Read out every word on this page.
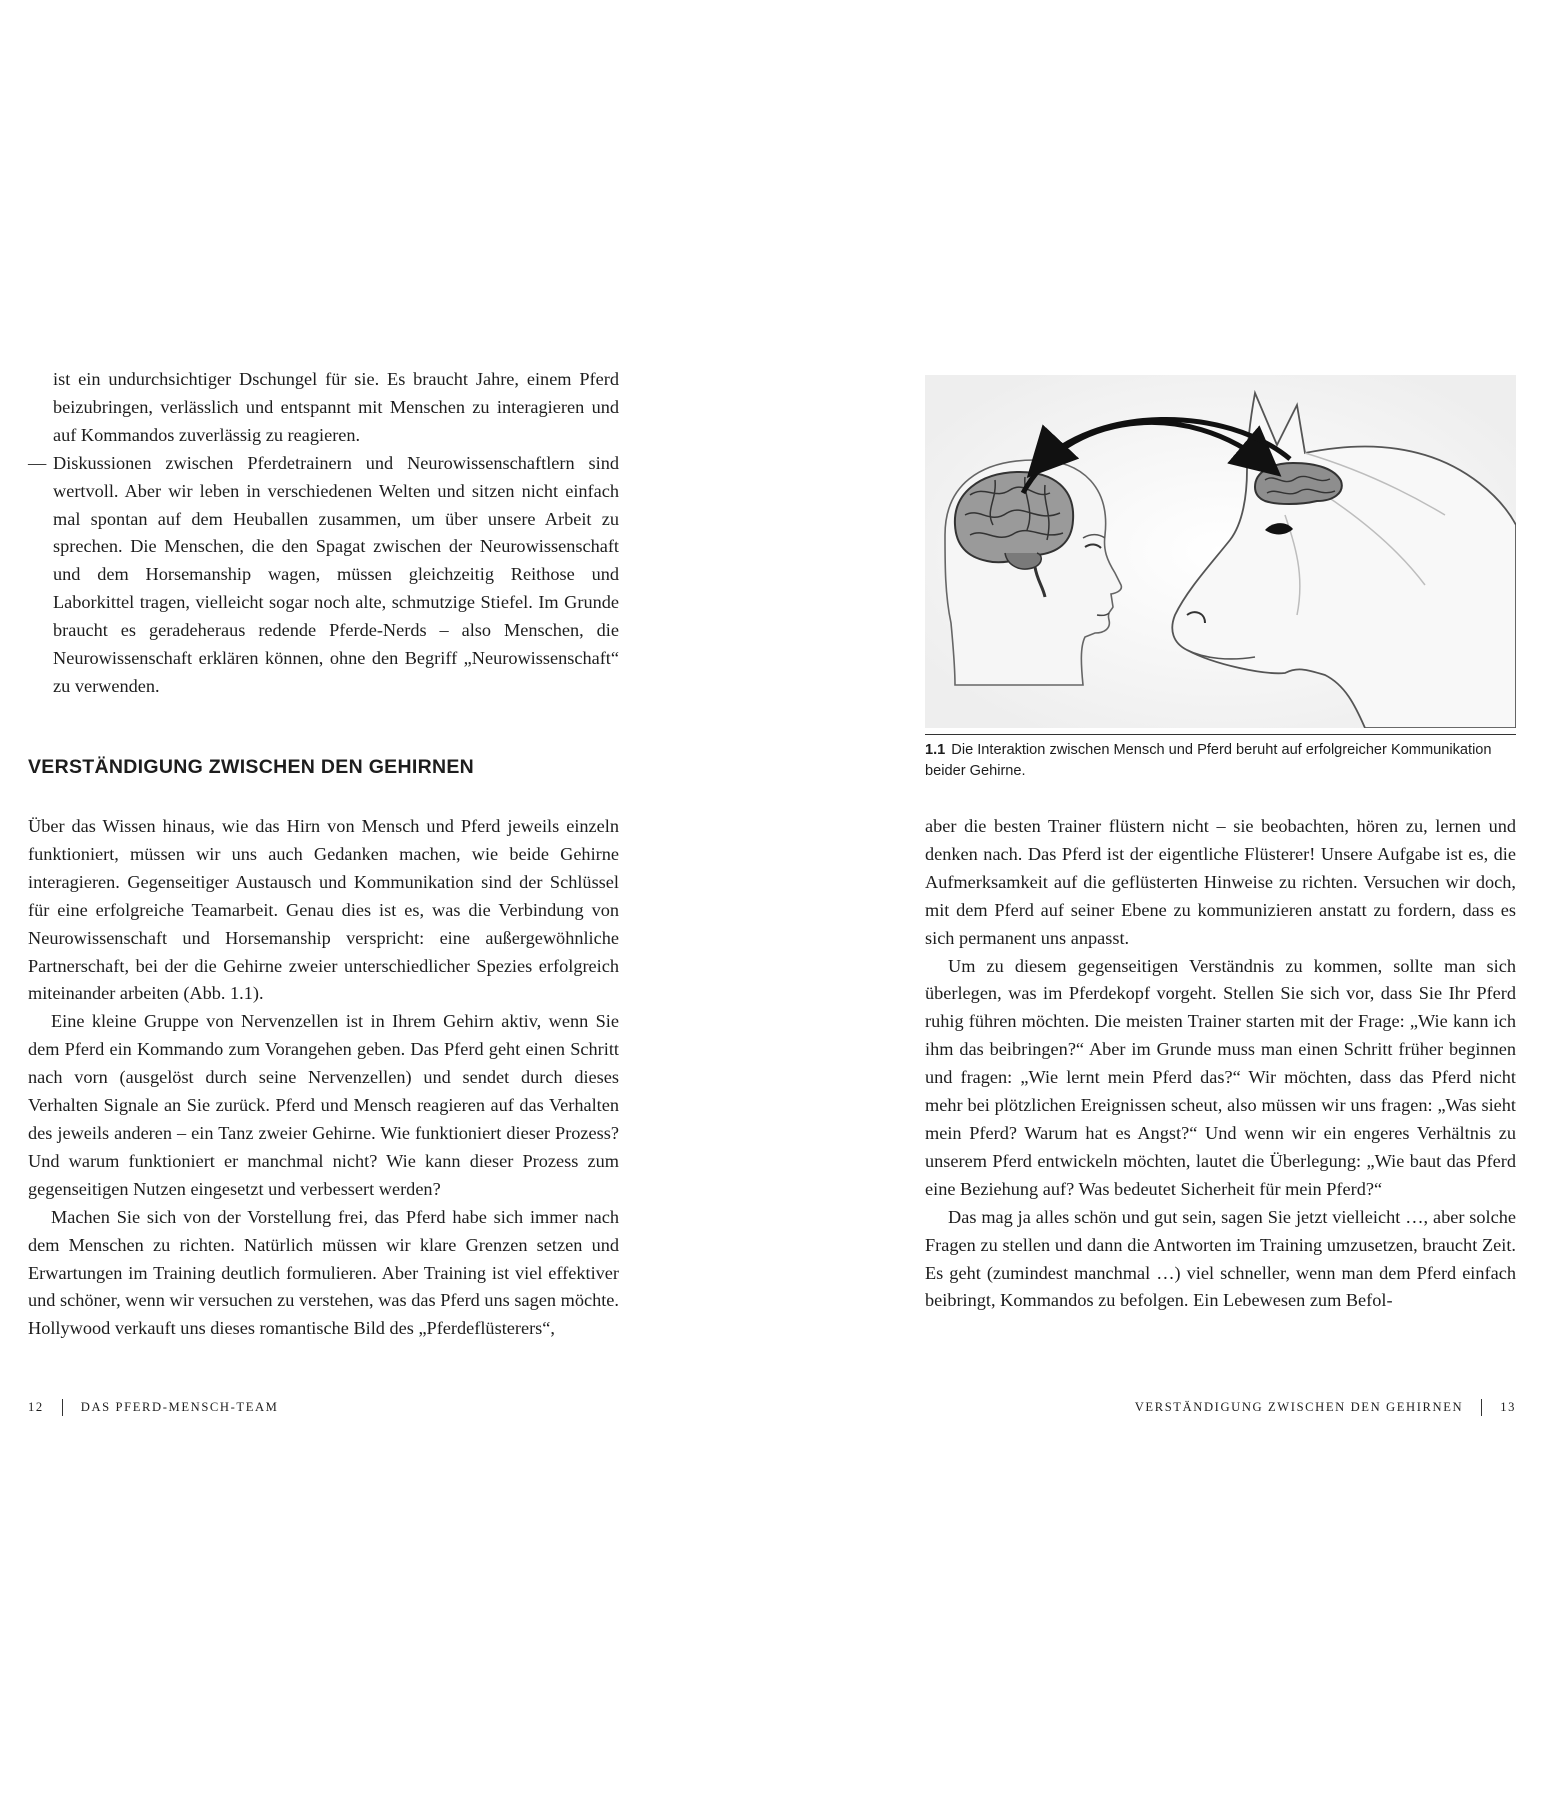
ist ein undurchsichtiger Dschungel für sie. Es braucht Jahre, einem Pferd beizubringen, verlässlich und entspannt mit Menschen zu interagieren und auf Kommandos zuverlässig zu reagieren.

— Diskussionen zwischen Pferdetrainern und Neurowissenschaftlern sind wertvoll. Aber wir leben in verschiedenen Welten und sitzen nicht einfach mal spontan auf dem Heuballen zusammen, um über unsere Arbeit zu sprechen. Die Menschen, die den Spagat zwischen der Neurowissenschaft und dem Horsemanship wagen, müssen gleichzeitig Reithose und Laborkittel tragen, vielleicht sogar noch alte, schmutzige Stiefel. Im Grunde braucht es geradeheraus redende Pferde-Nerds – also Menschen, die Neurowissenschaft erklären können, ohne den Begriff „Neurowissenschaft“ zu verwenden.

VERSTÄNDIGUNG ZWISCHEN DEN GEHIRNEN

Über das Wissen hinaus, wie das Hirn von Mensch und Pferd jeweils einzeln funktioniert, müssen wir uns auch Gedanken machen, wie beide Gehirne interagieren. Gegenseitiger Austausch und Kommunikation sind der Schlüssel für eine erfolgreiche Teamarbeit. Genau dies ist es, was die Verbindung von Neurowissenschaft und Horsemanship verspricht: eine außergewöhnliche Partnerschaft, bei der die Gehirne zweier unterschiedlicher Spezies erfolgreich miteinander arbeiten (Abb. 1.1).

Eine kleine Gruppe von Nervenzellen ist in Ihrem Gehirn aktiv, wenn Sie dem Pferd ein Kommando zum Vorangehen geben. Das Pferd geht einen Schritt nach vorn (ausgelöst durch seine Nervenzellen) und sendet durch dieses Verhalten Signale an Sie zurück. Pferd und Mensch reagieren auf das Verhalten des jeweils anderen – ein Tanz zweier Gehirne. Wie funktioniert dieser Prozess? Und warum funktioniert er manchmal nicht? Wie kann dieser Prozess zum gegenseitigen Nutzen eingesetzt und verbessert werden?

Machen Sie sich von der Vorstellung frei, das Pferd habe sich immer nach dem Menschen zu richten. Natürlich müssen wir klare Grenzen setzen und Erwartungen im Training deutlich formulieren. Aber Training ist viel effektiver und schöner, wenn wir versuchen zu verstehen, was das Pferd uns sagen möchte. Hollywood verkauft uns dieses romantische Bild des „Pferdeflüsterers“,

12	DAS PFERD-MENSCH-TEAM

1.1 Die Interaktion zwischen Mensch und Pferd beruht auf erfolgreicher Kommunikation beider Gehirne.

aber die besten Trainer flüstern nicht – sie beobachten, hören zu, lernen und denken nach. Das Pferd ist der eigentliche Flüsterer! Unsere Aufgabe ist es, die Aufmerksamkeit auf die geflüsterten Hinweise zu richten. Versuchen wir doch, mit dem Pferd auf seiner Ebene zu kommunizieren anstatt zu fordern, dass es sich permanent uns anpasst.

Um zu diesem gegenseitigen Verständnis zu kommen, sollte man sich überlegen, was im Pferdekopf vorgeht. Stellen Sie sich vor, dass Sie Ihr Pferd ruhig führen möchten. Die meisten Trainer starten mit der Frage: „Wie kann ich ihm das beibringen?“ Aber im Grunde muss man einen Schritt früher beginnen und fragen: „Wie lernt mein Pferd das?“ Wir möchten, dass das Pferd nicht mehr bei plötzlichen Ereignissen scheut, also müssen wir uns fragen: „Was sieht mein Pferd? Warum hat es Angst?“ Und wenn wir ein engeres Verhältnis zu unserem Pferd entwickeln möchten, lautet die Überlegung: „Wie baut das Pferd eine Beziehung auf? Was bedeutet Sicherheit für mein Pferd?“

Das mag ja alles schön und gut sein, sagen Sie jetzt vielleicht …, aber solche Fragen zu stellen und dann die Antworten im Training umzusetzen, braucht Zeit. Es geht (zumindest manchmal …) viel schneller, wenn man dem Pferd einfach beibringt, Kommandos zu befolgen. Ein Lebewesen zum Befol-

VERSTÄNDIGUNG ZWISCHEN DEN GEHIRNEN	13
